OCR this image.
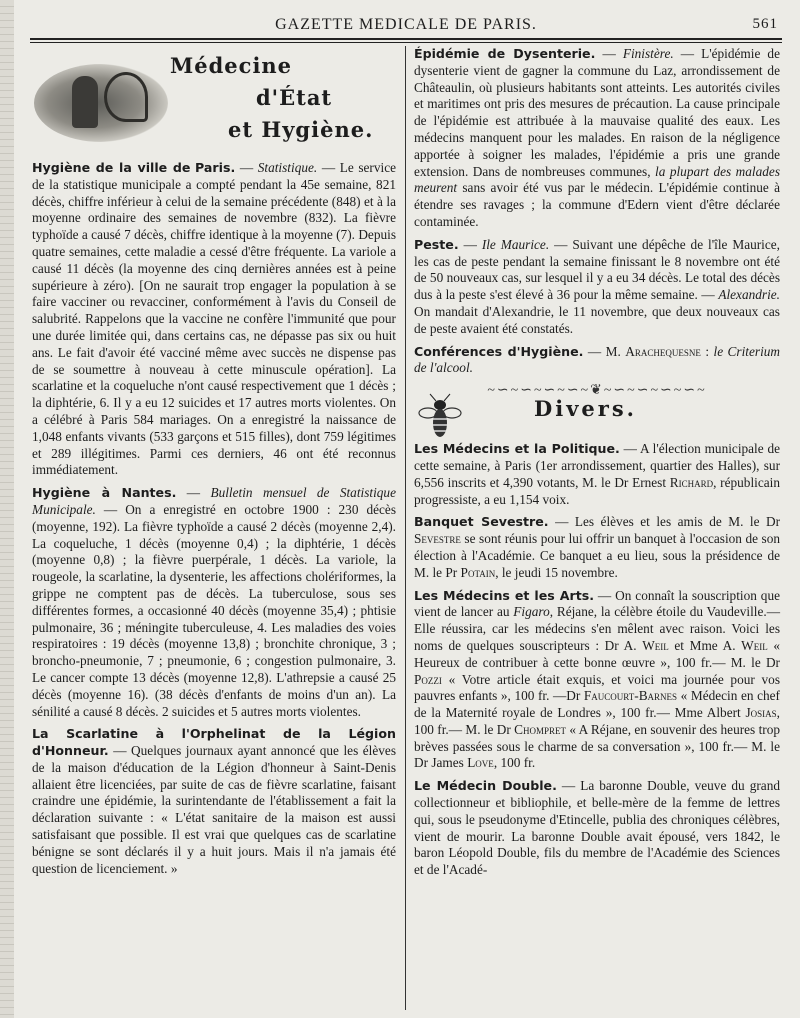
GAZETTE MEDICALE DE PARIS.	561
Médecine
d'État
et Hygiène.

Hygiène de la ville de Paris. — Statistique. — Le service de la statistique municipale a compté pendant la 45e semaine, 821 décès, chiffre inférieur à celui de la semaine précédente (848) et à la moyenne ordinaire des semaines de novembre (832). La fièvre typhoïde a causé 7 décès, chiffre identique à la moyenne (7). Depuis quatre semaines, cette maladie a cessé d'être fréquente. La variole a causé 11 décès (la moyenne des cinq dernières années est à peine supérieure à zéro). [On ne saurait trop engager la population à se faire vacciner ou revacciner, conformément à l'avis du Conseil de salubrité. Rappelons que la vaccine ne confère l'immunité que pour une durée limitée qui, dans certains cas, ne dépasse pas six ou huit ans. Le fait d'avoir été vacciné même avec succès ne dispense pas de se soumettre à nouveau à cette minuscule opération]. La scarlatine et la coqueluche n'ont causé respectivement que 1 décès ; la diphtérie, 6. Il y a eu 12 suicides et 17 autres morts violentes. On a célébré à Paris 584 mariages. On a enregistré la naissance de 1,048 enfants vivants (533 garçons et 515 filles), dont 759 légitimes et 289 illégitimes. Parmi ces derniers, 46 ont été reconnus immédiatement.

Hygiène à Nantes. — Bulletin mensuel de Statistique Municipale. — On a enregistré en octobre 1900 : 230 décès (moyenne, 192). La fièvre typhoïde a causé 2 décès (moyenne 2,4). La coqueluche, 1 décès (moyenne 0,4) ; la diphtérie, 1 décès (moyenne 0,8) ; la fièvre puerpérale, 1 décès. La variole, la rougeole, la scarlatine, la dysenterie, les affections cholériformes, la grippe ne comptent pas de décès. La tuberculose, sous ses différentes formes, a occasionné 40 décès (moyenne 35,4) ; phtisie pulmonaire, 36 ; méningite tuberculeuse, 4. Les maladies des voies respiratoires : 19 décès (moyenne 13,8) ; bronchite chronique, 3 ; broncho-pneumonie, 7 ; pneumonie, 6 ; congestion pulmonaire, 3. Le cancer compte 13 décès (moyenne 12,8). L'athrepsie a causé 25 décès (moyenne 16). (38 décès d'enfants de moins d'un an). La sénilité a causé 8 décès. 2 suicides et 5 autres morts violentes.

La Scarlatine à l'Orphelinat de la Légion d'Honneur. — Quelques journaux ayant annoncé que les élèves de la maison d'éducation de la Légion d'honneur à Saint-Denis allaient être licenciées, par suite de cas de fièvre scarlatine, faisant craindre une épidémie, la surintendante de l'établissement a fait la déclaration suivante : « L'état sanitaire de la maison est aussi satisfaisant que possible. Il est vrai que quelques cas de scarlatine bénigne se sont déclarés il y a huit jours. Mais il n'a jamais été question de licenciement. »

Épidémie de Dysenterie. — Finistère. — L'épidémie de dysenterie vient de gagner la commune du Laz, arrondissement de Châteaulin, où plusieurs habitants sont atteints. Les autorités civiles et maritimes ont pris des mesures de précaution. La cause principale de l'épidémie est attribuée à la mauvaise qualité des eaux. Les médecins manquent pour les malades. En raison de la négligence apportée à soigner les malades, l'épidémie a pris une grande extension. Dans de nombreuses communes, la plupart des malades meurent sans avoir été vus par le médecin. L'épidémie continue à étendre ses ravages ; la commune d'Edern vient d'être déclarée contaminée.

Peste. — Ile Maurice. — Suivant une dépêche de l'île Maurice, les cas de peste pendant la semaine finissant le 8 novembre ont été de 50 nouveaux cas, sur lesquel il y a eu 34 décès. Le total des décès dus à la peste s'est élevé à 36 pour la même semaine. — Alexandrie. On mandait d'Alexandrie, le 11 novembre, que deux nouveaux cas de peste avaient été constatés.

Conférences d'Hygiène. — M. Arachequesne : le Criterium de l'alcool.

~∽~∽~∽~∽~❦~∽~∽~∽~∽~
Divers.

Les Médecins et la Politique. — A l'élection municipale de cette semaine, à Paris (1er arrondissement, quartier des Halles), sur 6,556 inscrits et 4,390 votants, M. le Dr Ernest Richard, républicain progressiste, a eu 1,154 voix.

Banquet Sevestre. — Les élèves et les amis de M. le Dr Sevestre se sont réunis pour lui offrir un banquet à l'occasion de son élection à l'Académie. Ce banquet a eu lieu, sous la présidence de M. le Pr Potain, le jeudi 15 novembre.

Les Médecins et les Arts. — On connaît la souscription que vient de lancer au Figaro, Réjane, la célèbre étoile du Vaudeville.— Elle réussira, car les médecins s'en mêlent avec raison. Voici les noms de quelques souscripteurs : Dr A. Weil et Mme A. Weil « Heureux de contribuer à cette bonne œuvre », 100 fr.— M. le Dr Pozzi « Votre article était exquis, et voici ma journée pour vos pauvres enfants », 100 fr. —Dr Faucourt-Barnes « Médecin en chef de la Maternité royale de Londres », 100 fr.— Mme Albert Josias, 100 fr.— M. le Dr Chompret « A Réjane, en souvenir des heures trop brèves passées sous le charme de sa conversation », 100 fr.— M. le Dr James Love, 100 fr.

Le Médecin Double. — La baronne Double, veuve du grand collectionneur et bibliophile, et belle-mère de la femme de lettres qui, sous le pseudonyme d'Etincelle, publia des chroniques célèbres, vient de mourir. La baronne Double avait épousé, vers 1842, le baron Léopold Double, fils du membre de l'Académie des Sciences et de l'Acadé-
